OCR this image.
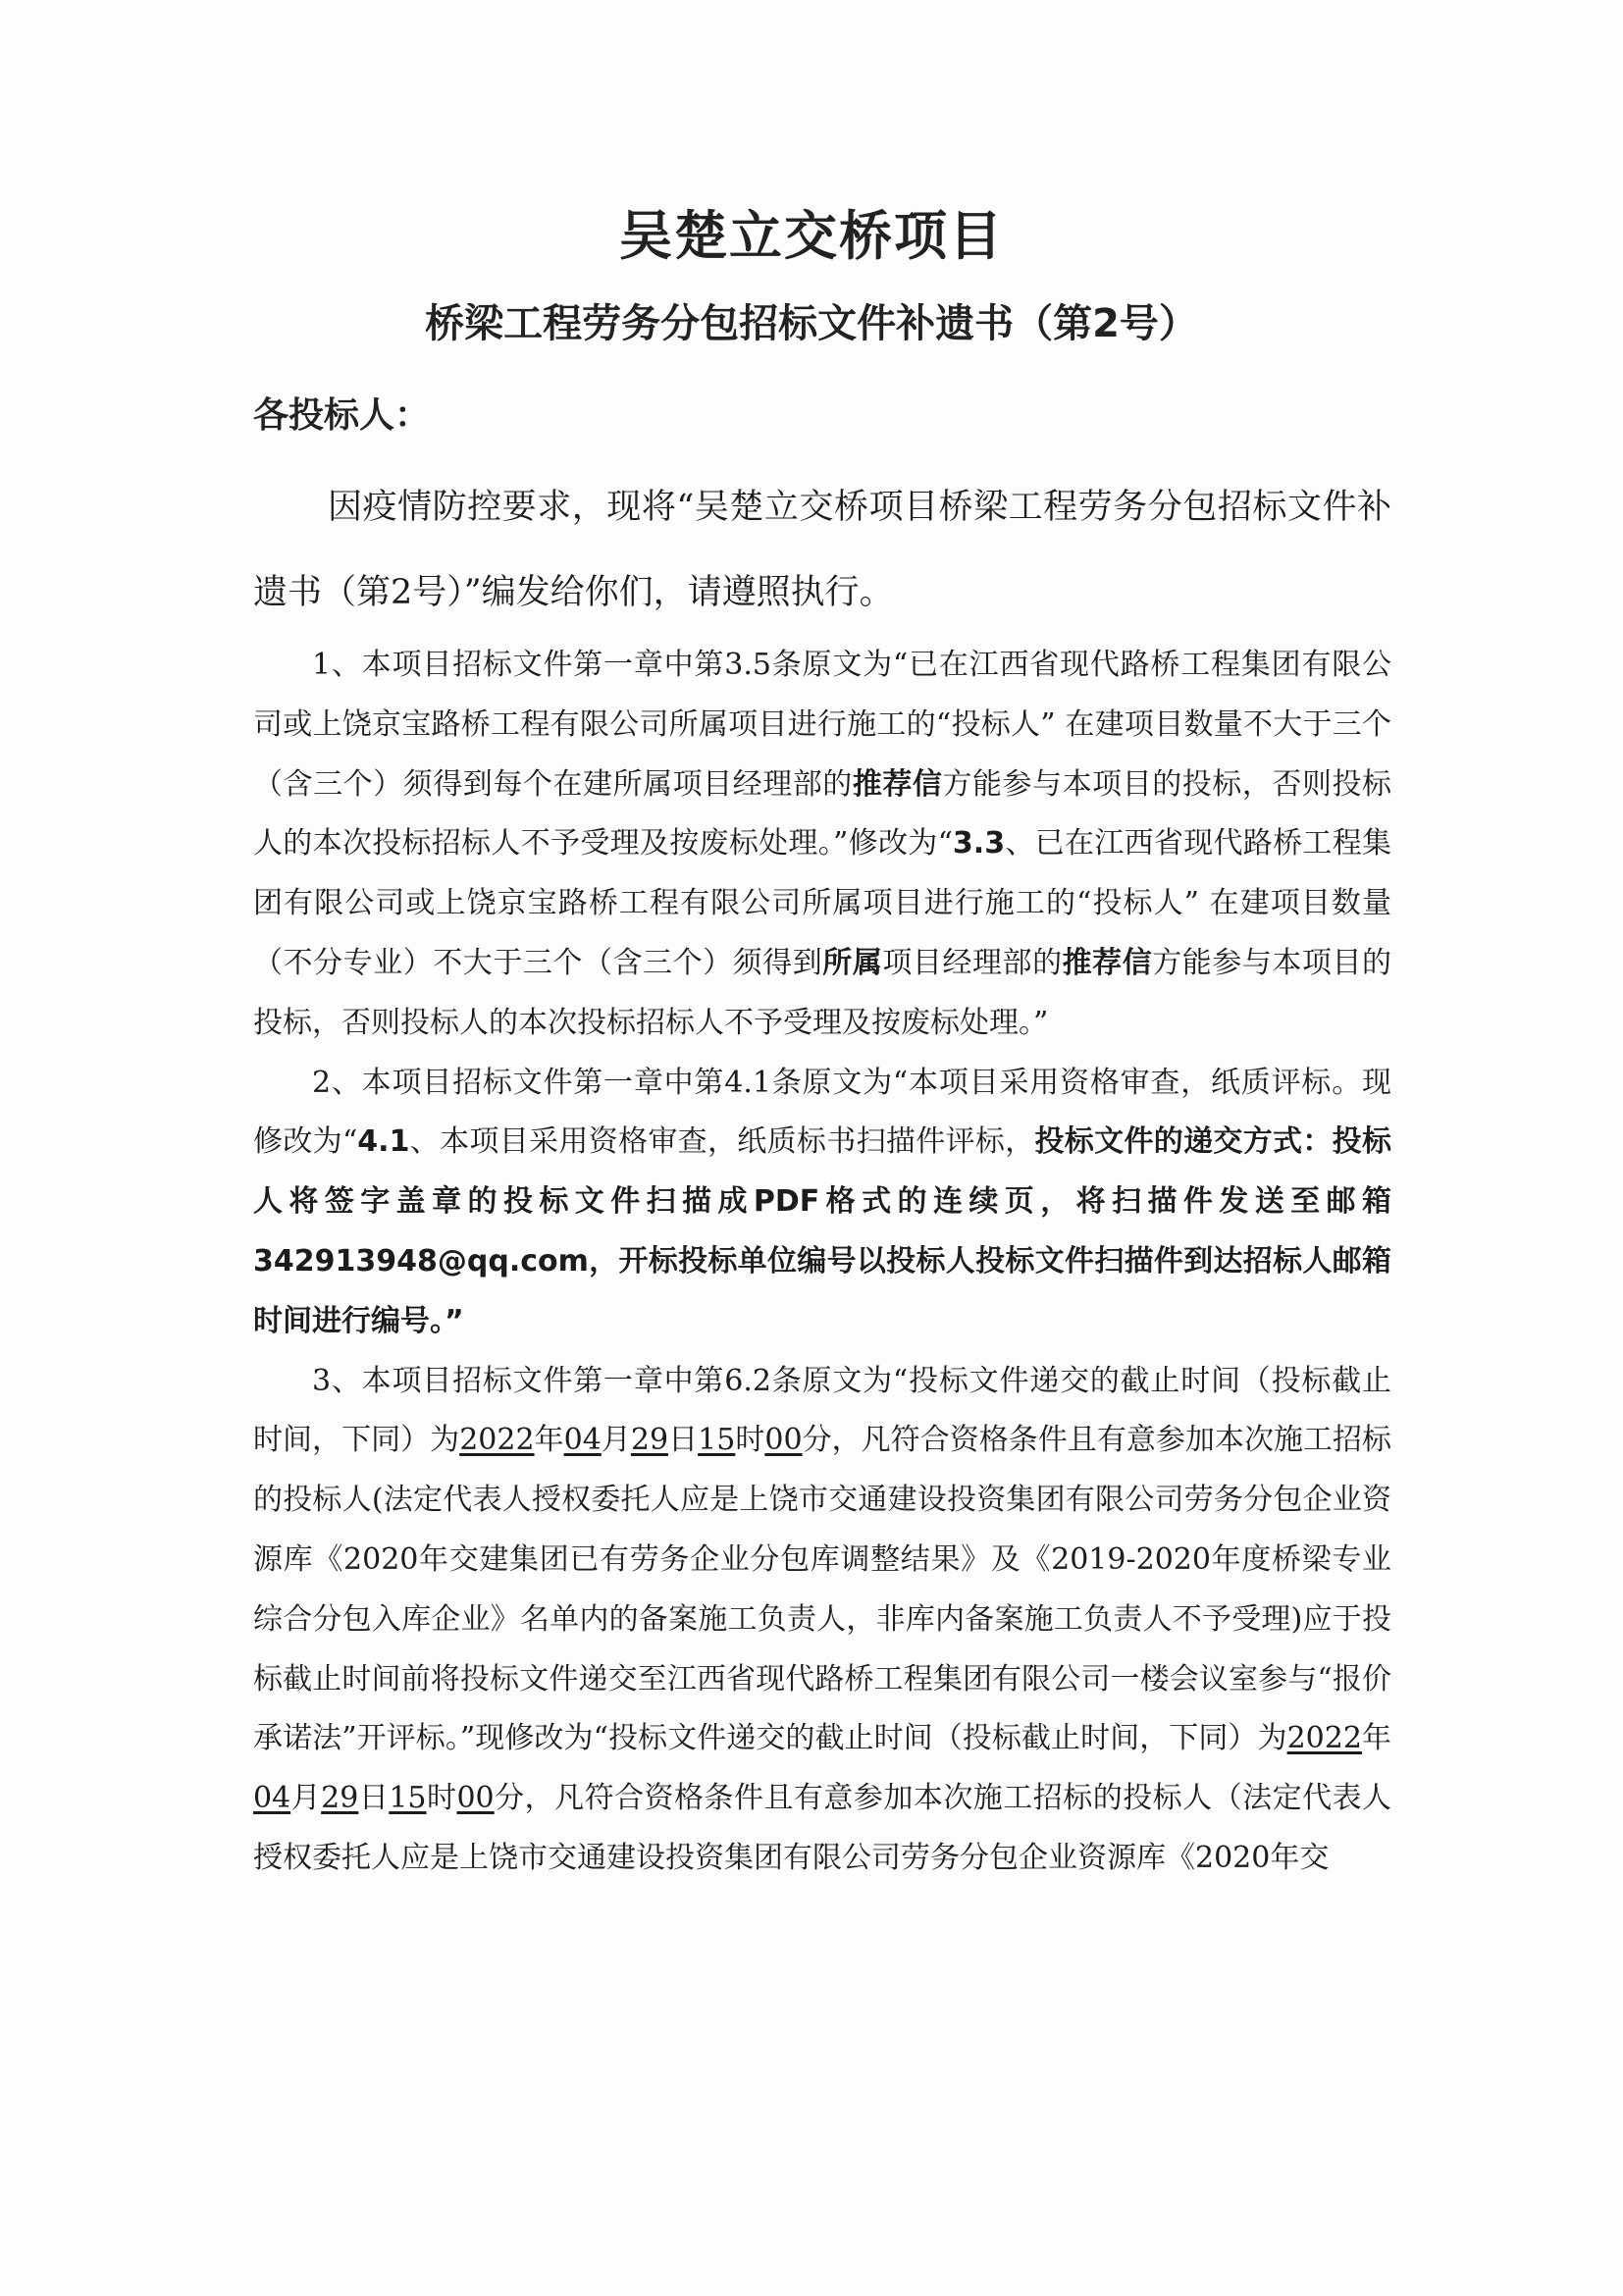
吴楚立交桥项目
桥梁工程劳务分包招标文件补遗书（第2号）

各投标人：

因疫情防控要求，现将“吴楚立交桥项目桥梁工程劳务分包招标文件补遗书（第2号）”编发给你们，请遵照执行。

1、本项目招标文件第一章中第3.5条原文为“已在江西省现代路桥工程集团有限公司或上饶京宝路桥工程有限公司所属项目进行施工的“投标人” 在建项目数量不大于三个（含三个）须得到每个在建所属项目经理部的推荐信方能参与本项目的投标，否则投标人的本次投标招标人不予受理及按废标处理。”修改为“3.3、已在江西省现代路桥工程集团有限公司或上饶京宝路桥工程有限公司所属项目进行施工的“投标人” 在建项目数量（不分专业）不大于三个（含三个）须得到所属项目经理部的推荐信方能参与本项目的投标，否则投标人的本次投标招标人不予受理及按废标处理。”

2、本项目招标文件第一章中第4.1条原文为“本项目采用资格审查，纸质评标。现修改为“4.1、本项目采用资格审查，纸质标书扫描件评标，投标文件的递交方式：投标人将签字盖章的投标文件扫描成PDF格式的连续页，将扫描件发送至邮箱342913948@qq.com，开标投标单位编号以投标人投标文件扫描件到达招标人邮箱时间进行编号。”

3、本项目招标文件第一章中第6.2条原文为“投标文件递交的截止时间（投标截止时间，下同）为2022年04月29日15时00分，凡符合资格条件且有意参加本次施工招标的投标人(法定代表人授权委托人应是上饶市交通建设投资集团有限公司劳务分包企业资源库《2020年交建集团已有劳务企业分包库调整结果》及《2019-2020年度桥梁专业综合分包入库企业》名单内的备案施工负责人，非库内备案施工负责人不予受理)应于投标截止时间前将投标文件递交至江西省现代路桥工程集团有限公司一楼会议室参与“报价承诺法”开评标。”现修改为“投标文件递交的截止时间（投标截止时间，下同）为2022年04月29日15时00分，凡符合资格条件且有意参加本次施工招标的投标人（法定代表人授权委托人应是上饶市交通建设投资集团有限公司劳务分包企业资源库《2020年交
